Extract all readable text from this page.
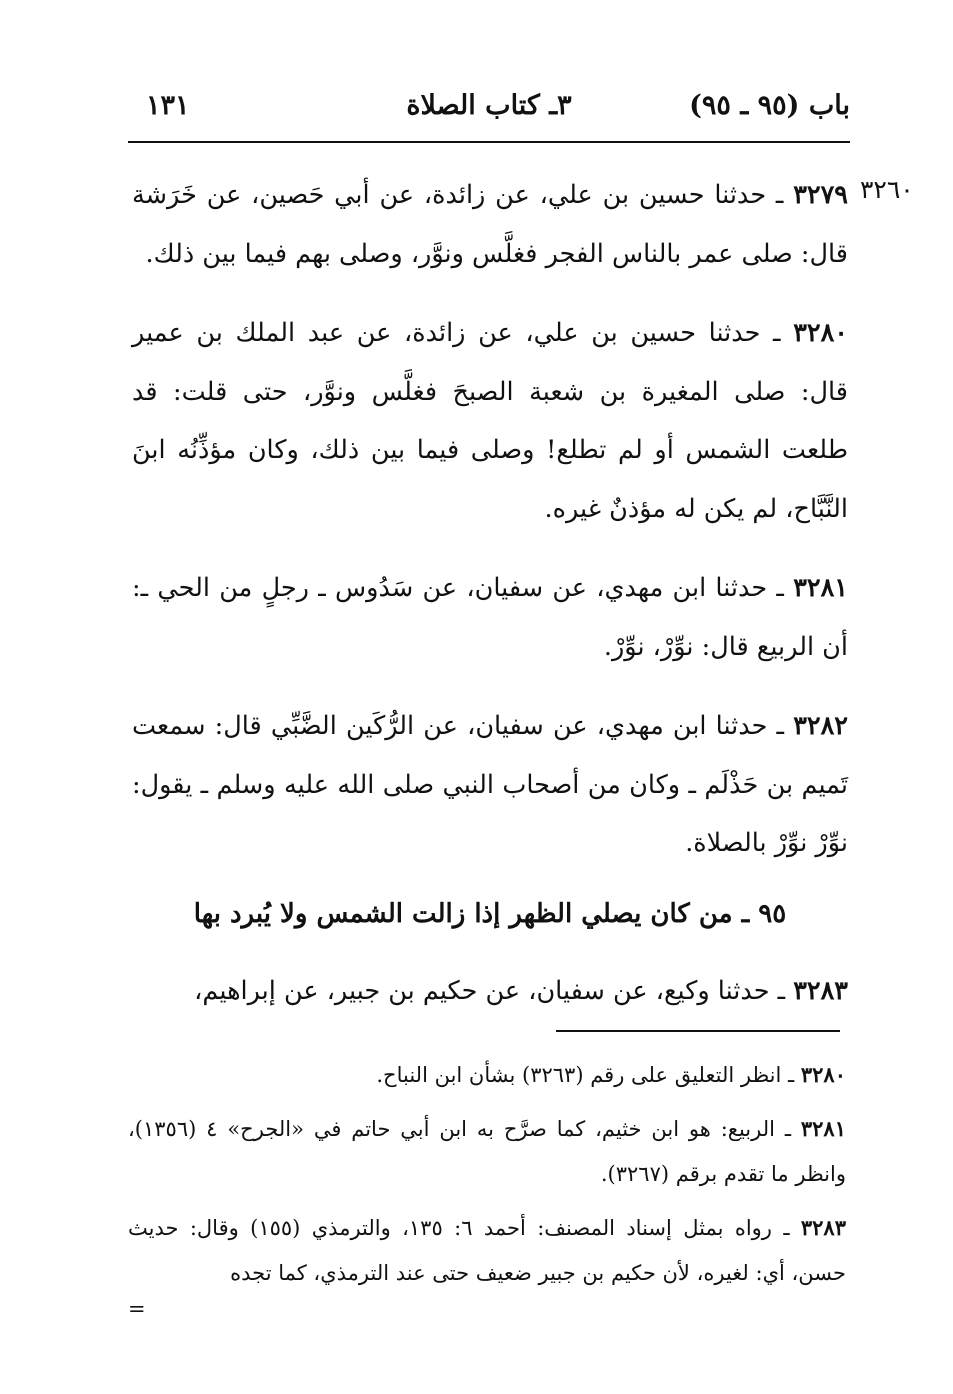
باب (٩٥ ـ ٩٥)
٣ـ كتاب الصلاة
١٣١
٣٢٦٠

٣٢٧٩ ـ حدثنا حسين بن علي، عن زائدة، عن أبي حَصين، عن خَرَشة قال: صلى عمر بالناس الفجر فغلَّس ونوَّر، وصلى بهم فيما بين ذلك.

٣٢٨٠ ـ حدثنا حسين بن علي، عن زائدة، عن عبد الملك بن عمير قال: صلى المغيرة بن شعبة الصبحَ فغلَّس ونوَّر، حتى قلت: قد طلعت الشمس أو لم تطلع! وصلى فيما بين ذلك، وكان مؤذِّنُه ابنَ النَّبَّاح، لم يكن له مؤذنٌ غيره.

٣٢٨١ ـ حدثنا ابن مهدي، عن سفيان، عن سَدُوس ـ رجلٍ من الحي ـ: أن الربيع قال: نوِّرْ، نوِّرْ.

٣٢٨٢ ـ حدثنا ابن مهدي، عن سفيان، عن الرُّكَين الضَّبِّي قال: سمعت تَميم بن حَذْلَم ـ وكان من أصحاب النبي صلى الله عليه وسلم ـ يقول: نوِّرْ نوِّرْ بالصلاة.

٩٥ ـ من كان يصلي الظهر إذا زالت الشمس ولا يُبرد بها

٣٢٨٣ ـ حدثنا وكيع، عن سفيان، عن حكيم بن جبير، عن إبراهيم،

٣٢٨٠ ـ انظر التعليق على رقم (٣٢٦٣) بشأن ابن النباح.

٣٢٨١ ـ الربيع: هو ابن خثيم، كما صرَّح به ابن أبي حاتم في «الجرح» ٤ (١٣٥٦)، وانظر ما تقدم برقم (٣٢٦٧).

٣٢٨٣ ـ رواه بمثل إسناد المصنف: أحمد ٦: ١٣٥، والترمذي (١٥٥) وقال: حديث حسن، أي: لغيره، لأن حكيم بن جبير ضعيف حتى عند الترمذي، كما تجده

=
